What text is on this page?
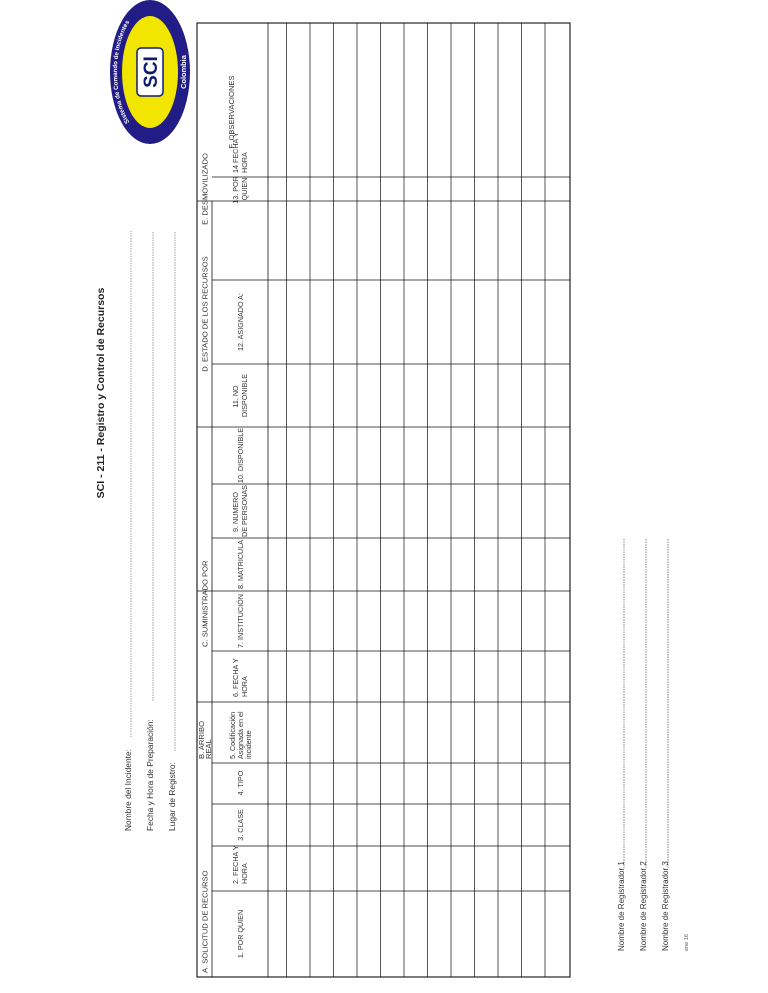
Sistema de Comando de Incidentes
SCI Colombia
SCI - 211 - Registro y Control de Recursos
Nombre del Incidente: Fecha y Hora de Preparación: Lugar de Registro:
A. SOLICITUD DE RECURSO
B. ARRIBO REAL
C. SUMINISTRADO POR
D. ESTADO DE LOS RECURSOS
E. DESMOVILIZADO
F. OBSERVACIONES
1. POR QUIEN
2. FECHA Y HORA
3. CLASE
4. TIPO
5. Codificación Asignada en el incidente
6. FECHA Y HORA
7. INSTITUCIÓN
8. MATRICULA
9. NUMERO DE PERSONAS
10. DISPONIBLE
11. NO DISPONIBLE
12. ASIGNADO A:
13. POR QUIEN
14 FECHA Y HORA
Nombre de Registrador 1 Nombre de Registrador 2 Nombre de Registrador 3	ene 16
